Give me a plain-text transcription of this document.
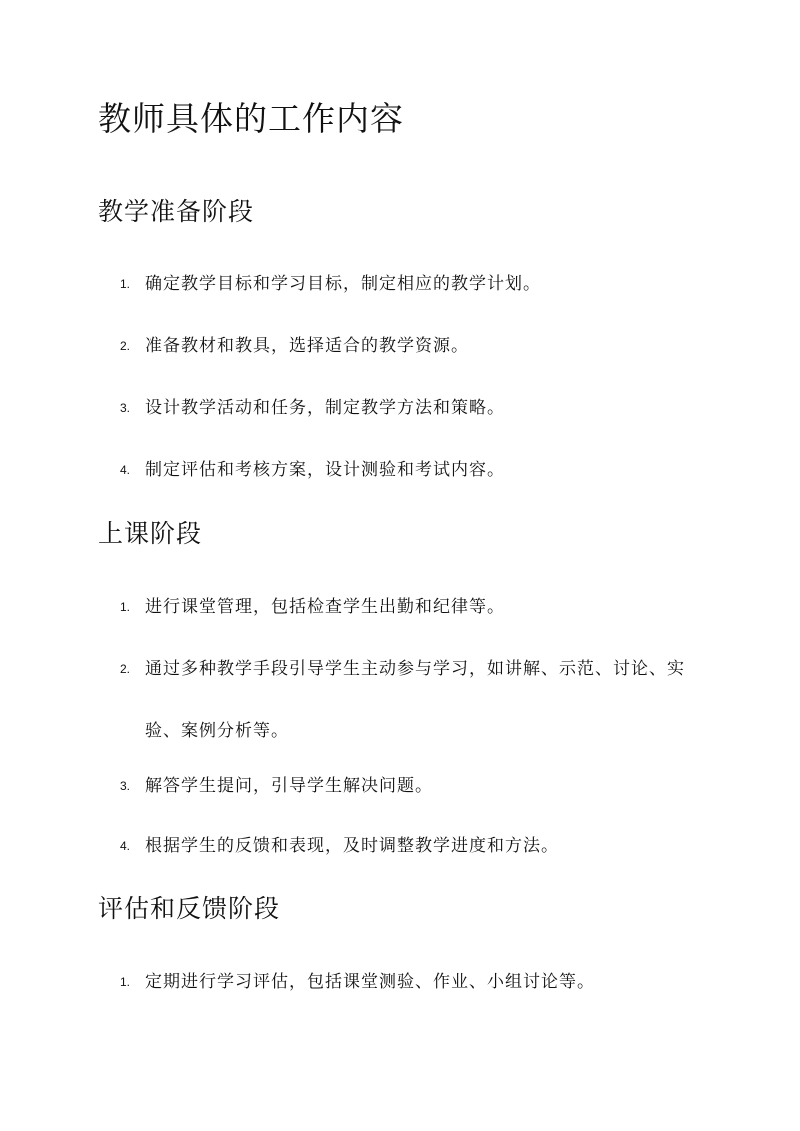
教师具体的工作内容
教学准备阶段
1. 确定教学目标和学习目标，制定相应的教学计划。
2. 准备教材和教具，选择适合的教学资源。
3. 设计教学活动和任务，制定教学方法和策略。
4. 制定评估和考核方案，设计测验和考试内容。
上课阶段
1. 进行课堂管理，包括检查学生出勤和纪律等。
2. 通过多种教学手段引导学生主动参与学习，如讲解、示范、讨论、实验、案例分析等。
3. 解答学生提问，引导学生解决问题。
4. 根据学生的反馈和表现，及时调整教学进度和方法。
评估和反馈阶段
1. 定期进行学习评估，包括课堂测验、作业、小组讨论等。
